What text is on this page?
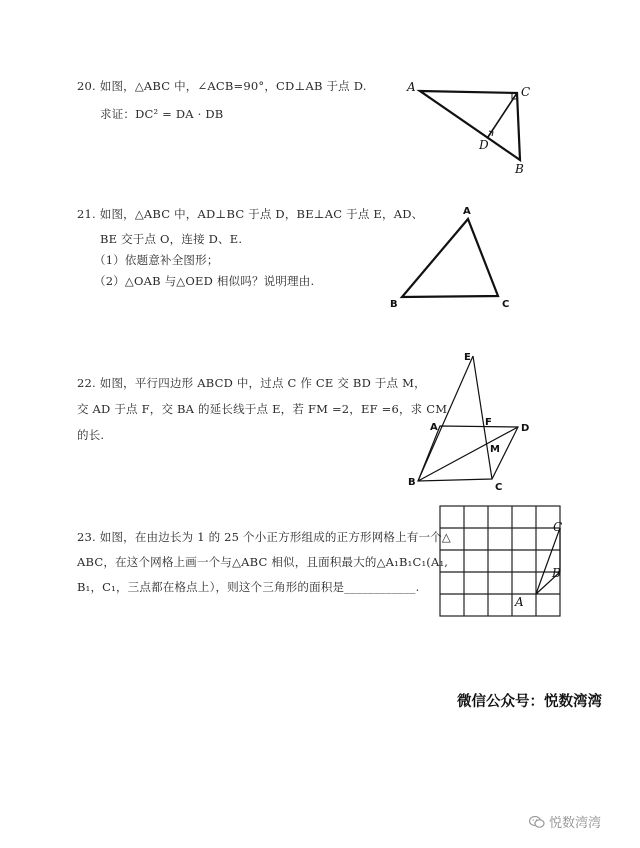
20. 如图，△ABC 中，∠ACB=90°，CD⊥AB 于点 D.
求证：DC² = DA · DB
A	C
D
B
21. 如图，△ABC 中，AD⊥BC 于点 D，BE⊥AC 于点 E，AD、
BE 交于点 O，连接 D、E.
（1）依题意补全图形；
（2）△OAB 与△OED 相似吗？说明理由.
A
B	C
22. 如图，平行四边形 ABCD 中，过点 C 作 CE 交 BD 于点 M，
交 AD 于点 F，交 BA 的延长线于点 E，若 FM =2，EF =6，求 CM
的长.
E
F
A	D
M
B	C
23. 如图，在由边长为 1 的 25 个小正方形组成的正方形网格上有一个△
ABC，在这个网格上画一个与△ABC 相似，且面积最大的△A₁B₁C₁(A₁,
B₁，C₁，三点都在格点上），则这个三角形的面积是____________.
C
B
A
微信公众号：悦数湾湾
悦数湾湾
